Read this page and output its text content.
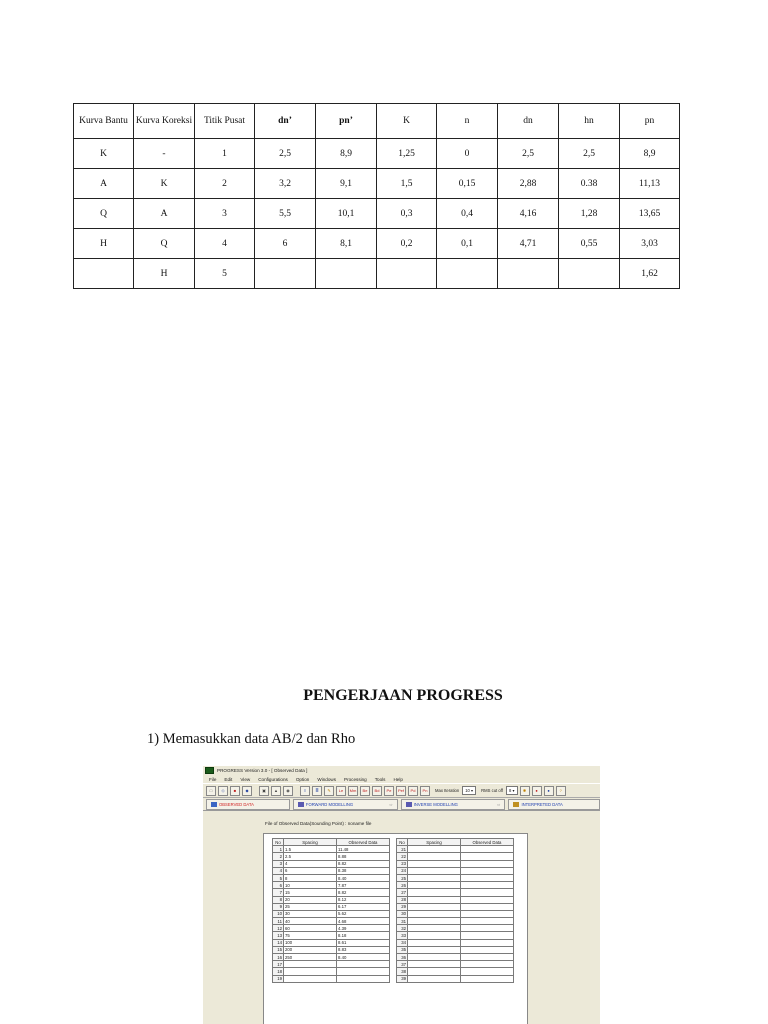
Kurva Bantu	Kurva Koreksi	Titik Pusat	dn’	pn’	K	n	dn	hn	pn
K	-	1	2,5	8,9	1,25	0	2,5	2,5	8,9
A	K	2	3,2	9,1	1,5	0,15	2,88	0.38	11,13
Q	A	3	5,5	10,1	0,3	0,4	4,16	1,28	13,65
H	Q	4	6	8,1	0,2	0,1	4,71	0,55	3,03
	H	5							1,62
PENGERJAAN PROGRESS
1) Memasukkan data AB/2 dan Rho
PROGRESS Version 3.0 - [ Observed Data ]
File Edit View Configurations Option Windows Processing Tools Help
□	◇	■	◆	▣	▲	◉	≡	≣	✎	Le	Mm	Be	Bd	Pe	Pef	Pd	Pn	Max Iteration 10 ▾	RMS cut off 8 ▾	✱	●	●	?
OBSERVED DATA	FORWARD MODELLING	⇨	INVERSE MODELLING	⇨	INTERPRETED DATA
File of Observed Data(Sounding Point) : noname file
No	Spacing	Observed Data
1	1.5	11.48
2	2.5	8.88
3	4	8.82
4	6	8.38
5	8	8.40
6	10	7.87
7	15	8.82
8	20	8.12
9	25	6.17
10	30	5.62
11	40	4.68
12	60	4.39
13	75	8.18
14	100	8.61
15	200	8.83
16	250	8.40
17		
18		
19		
No	Spacing	Observed Data
21		
22		
23		
24		
25		
26		
27		
28		
29		
30		
31		
32		
33		
34		
35		
36		
37		
38		
39		
